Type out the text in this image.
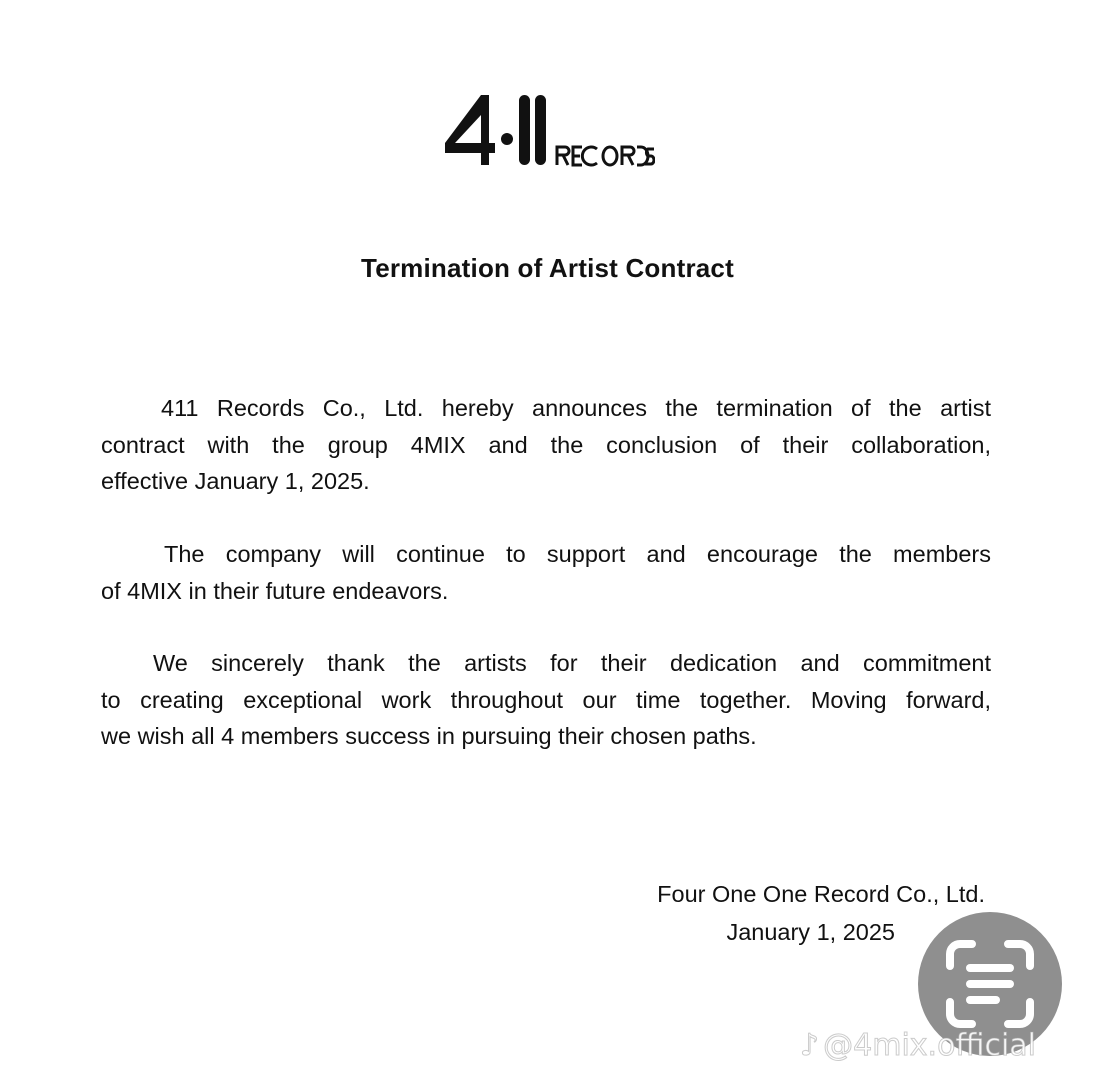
Termination of Artist Contract
411 Records Co., Ltd. hereby announces the termination of the artist
contract with the group 4MIX and the conclusion of their collaboration,
effective January 1, 2025.
The company will continue to support and encourage the members
of 4MIX in their future endeavors.
We sincerely thank the artists for their dedication and commitment
to creating exceptional work throughout our time together. Moving forward,
we wish all 4 members success in pursuing their chosen paths.
Four One One Record Co., Ltd.
January 1, 2025
♪ @4mix.official
